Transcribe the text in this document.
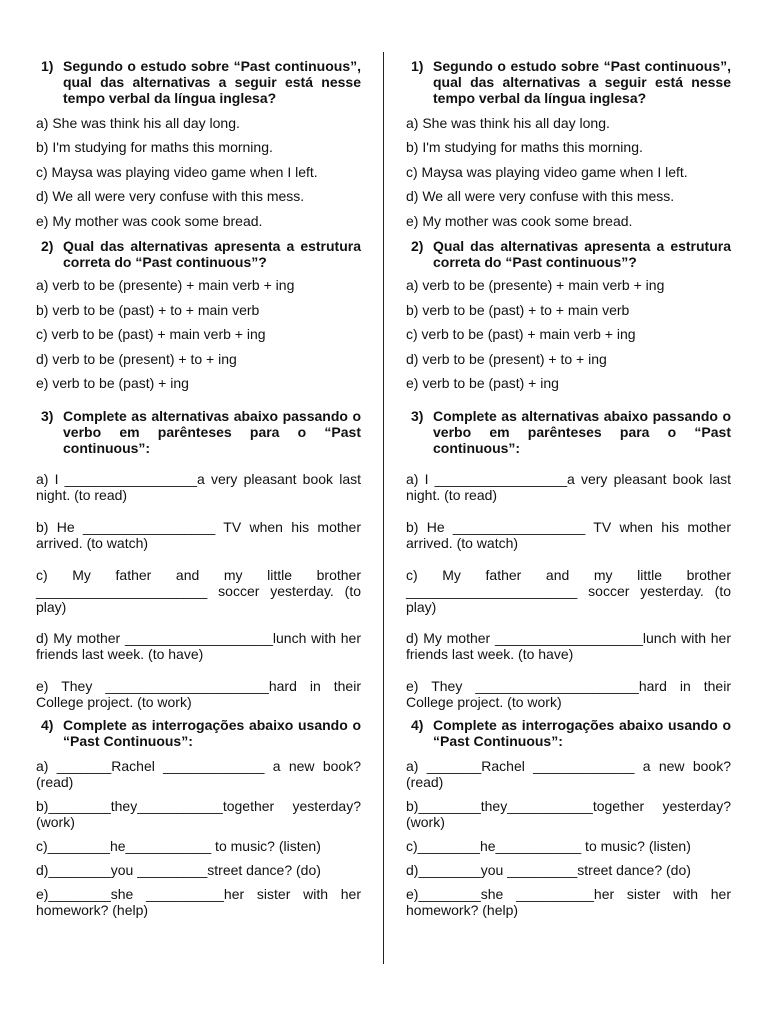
1) Segundo o estudo sobre “Past continuous”, qual das alternativas a seguir está nesse tempo verbal da língua inglesa?
a) She was think his all day long.
b) I'm studying for maths this morning.
c) Maysa was playing video game when I left.
d) We all were very confuse with this mess.
e) My mother was cook some bread.
2) Qual das alternativas apresenta a estrutura correta do “Past continuous”?
a) verb to be (presente) + main verb + ing
b) verb to be (past) + to + main verb
c) verb to be (past) + main verb + ing
d) verb to be (present) + to + ing
e) verb to be (past) + ing
3) Complete as alternativas abaixo passando o verbo em parênteses para o “Past continuous”:
a) I _________________a very pleasant book last night. (to read)
b) He _________________ TV when his mother arrived. (to watch)
c) My father and my little brother ______________________ soccer yesterday. (to play)
d) My mother ___________________lunch with her friends last week. (to have)
e) They _____________________hard in their College project. (to work)
4) Complete as interrogações abaixo usando o “Past Continuous”:
a) _______Rachel _____________ a new book? (read)
b)________they___________together yesterday? (work)
c)________he___________ to music? (listen)
d)________you _________street dance? (do)
e)________she __________her sister with her homework? (help)
1) Segundo o estudo sobre “Past continuous”, qual das alternativas a seguir está nesse tempo verbal da língua inglesa?
a) She was think his all day long.
b) I'm studying for maths this morning.
c) Maysa was playing video game when I left.
d) We all were very confuse with this mess.
e) My mother was cook some bread.
2) Qual das alternativas apresenta a estrutura correta do “Past continuous”?
a) verb to be (presente) + main verb + ing
b) verb to be (past) + to + main verb
c) verb to be (past) + main verb + ing
d) verb to be (present) + to + ing
e) verb to be (past) + ing
3) Complete as alternativas abaixo passando o verbo em parênteses para o “Past continuous”:
a) I _________________a very pleasant book last night. (to read)
b) He _________________ TV when his mother arrived. (to watch)
c) My father and my little brother ______________________ soccer yesterday. (to play)
d) My mother ___________________lunch with her friends last week. (to have)
e) They _____________________hard in their College project. (to work)
4) Complete as interrogações abaixo usando o “Past Continuous”:
a) _______Rachel _____________ a new book? (read)
b)________they___________together yesterday? (work)
c)________he___________ to music? (listen)
d)________you _________street dance? (do)
e)________she __________her sister with her homework? (help)
